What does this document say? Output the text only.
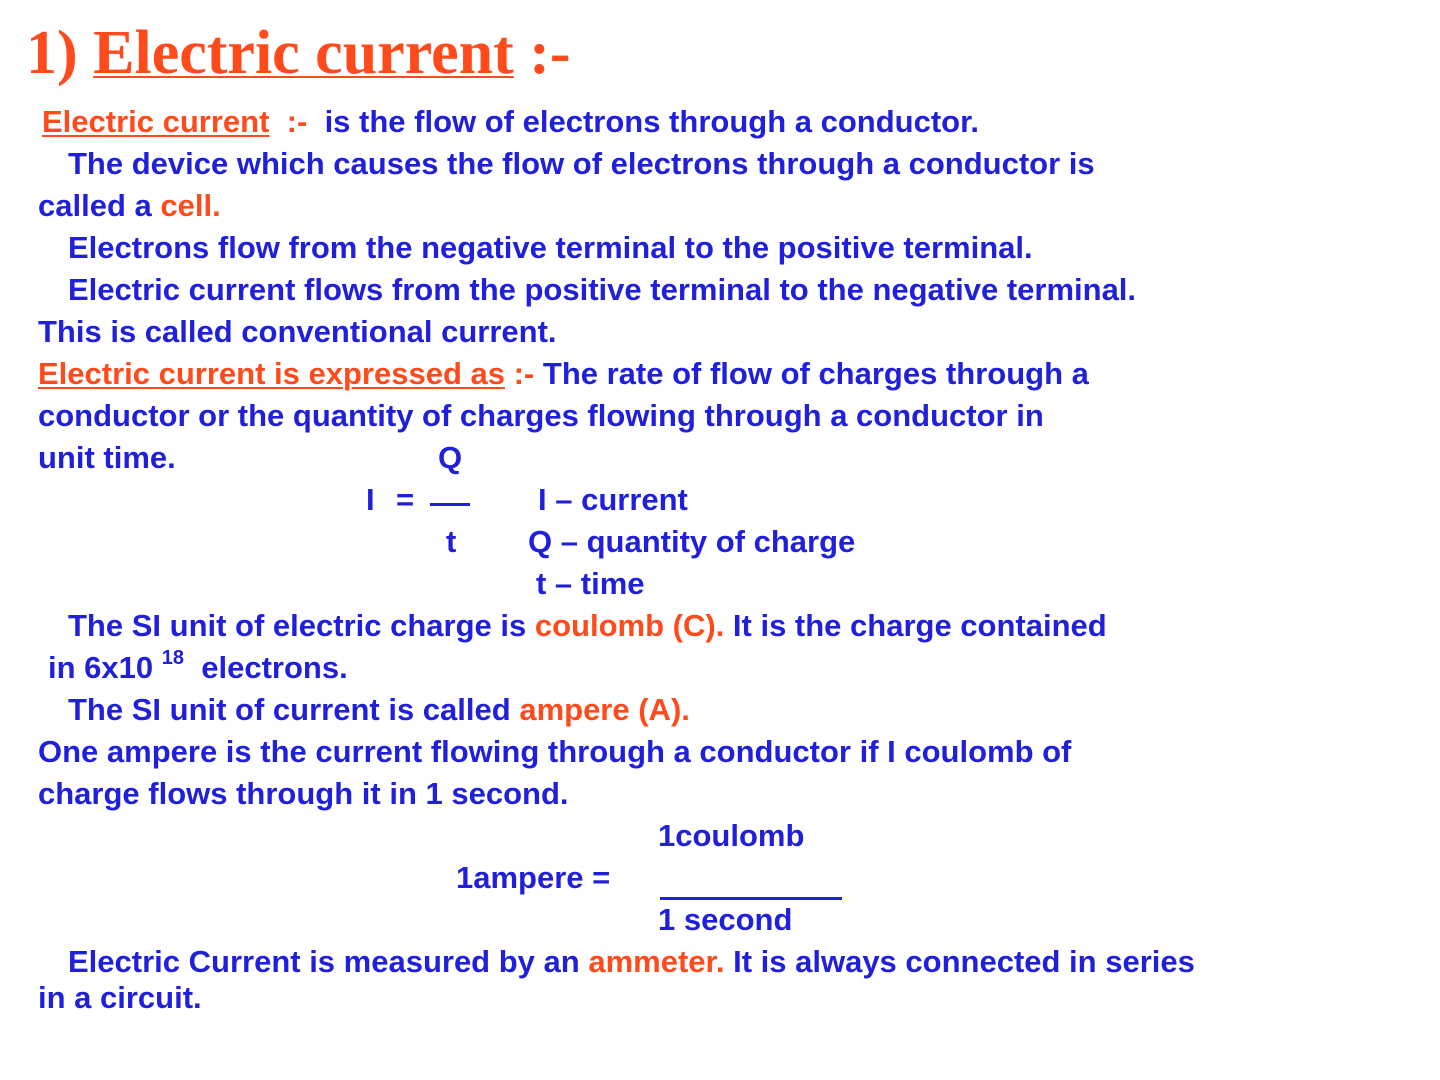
1) Electric current :-
Electric current :- is the flow of electrons through a conductor.
The device which causes the flow of electrons through a conductor is
called a cell.
Electrons flow from the negative terminal to the positive terminal.
Electric current flows from the positive terminal to the negative terminal.
This is called conventional current.
Electric current is expressed as :- The rate of flow of charges through a
conductor or the quantity of charges flowing through a conductor in
unit time.	Q
I =
t
I – current
Q – quantity of charge
t – time
The SI unit of electric charge is coulomb (C). It is the charge contained
in 6x10 $^{18}$ electrons.
The SI unit of current is called ampere (A).
One ampere is the current flowing through a conductor if I coulomb of
charge flows through it in 1 second.
1coulomb
1ampere =
1 second
Electric Current is measured by an ammeter. It is always connected in series
in a circuit.
